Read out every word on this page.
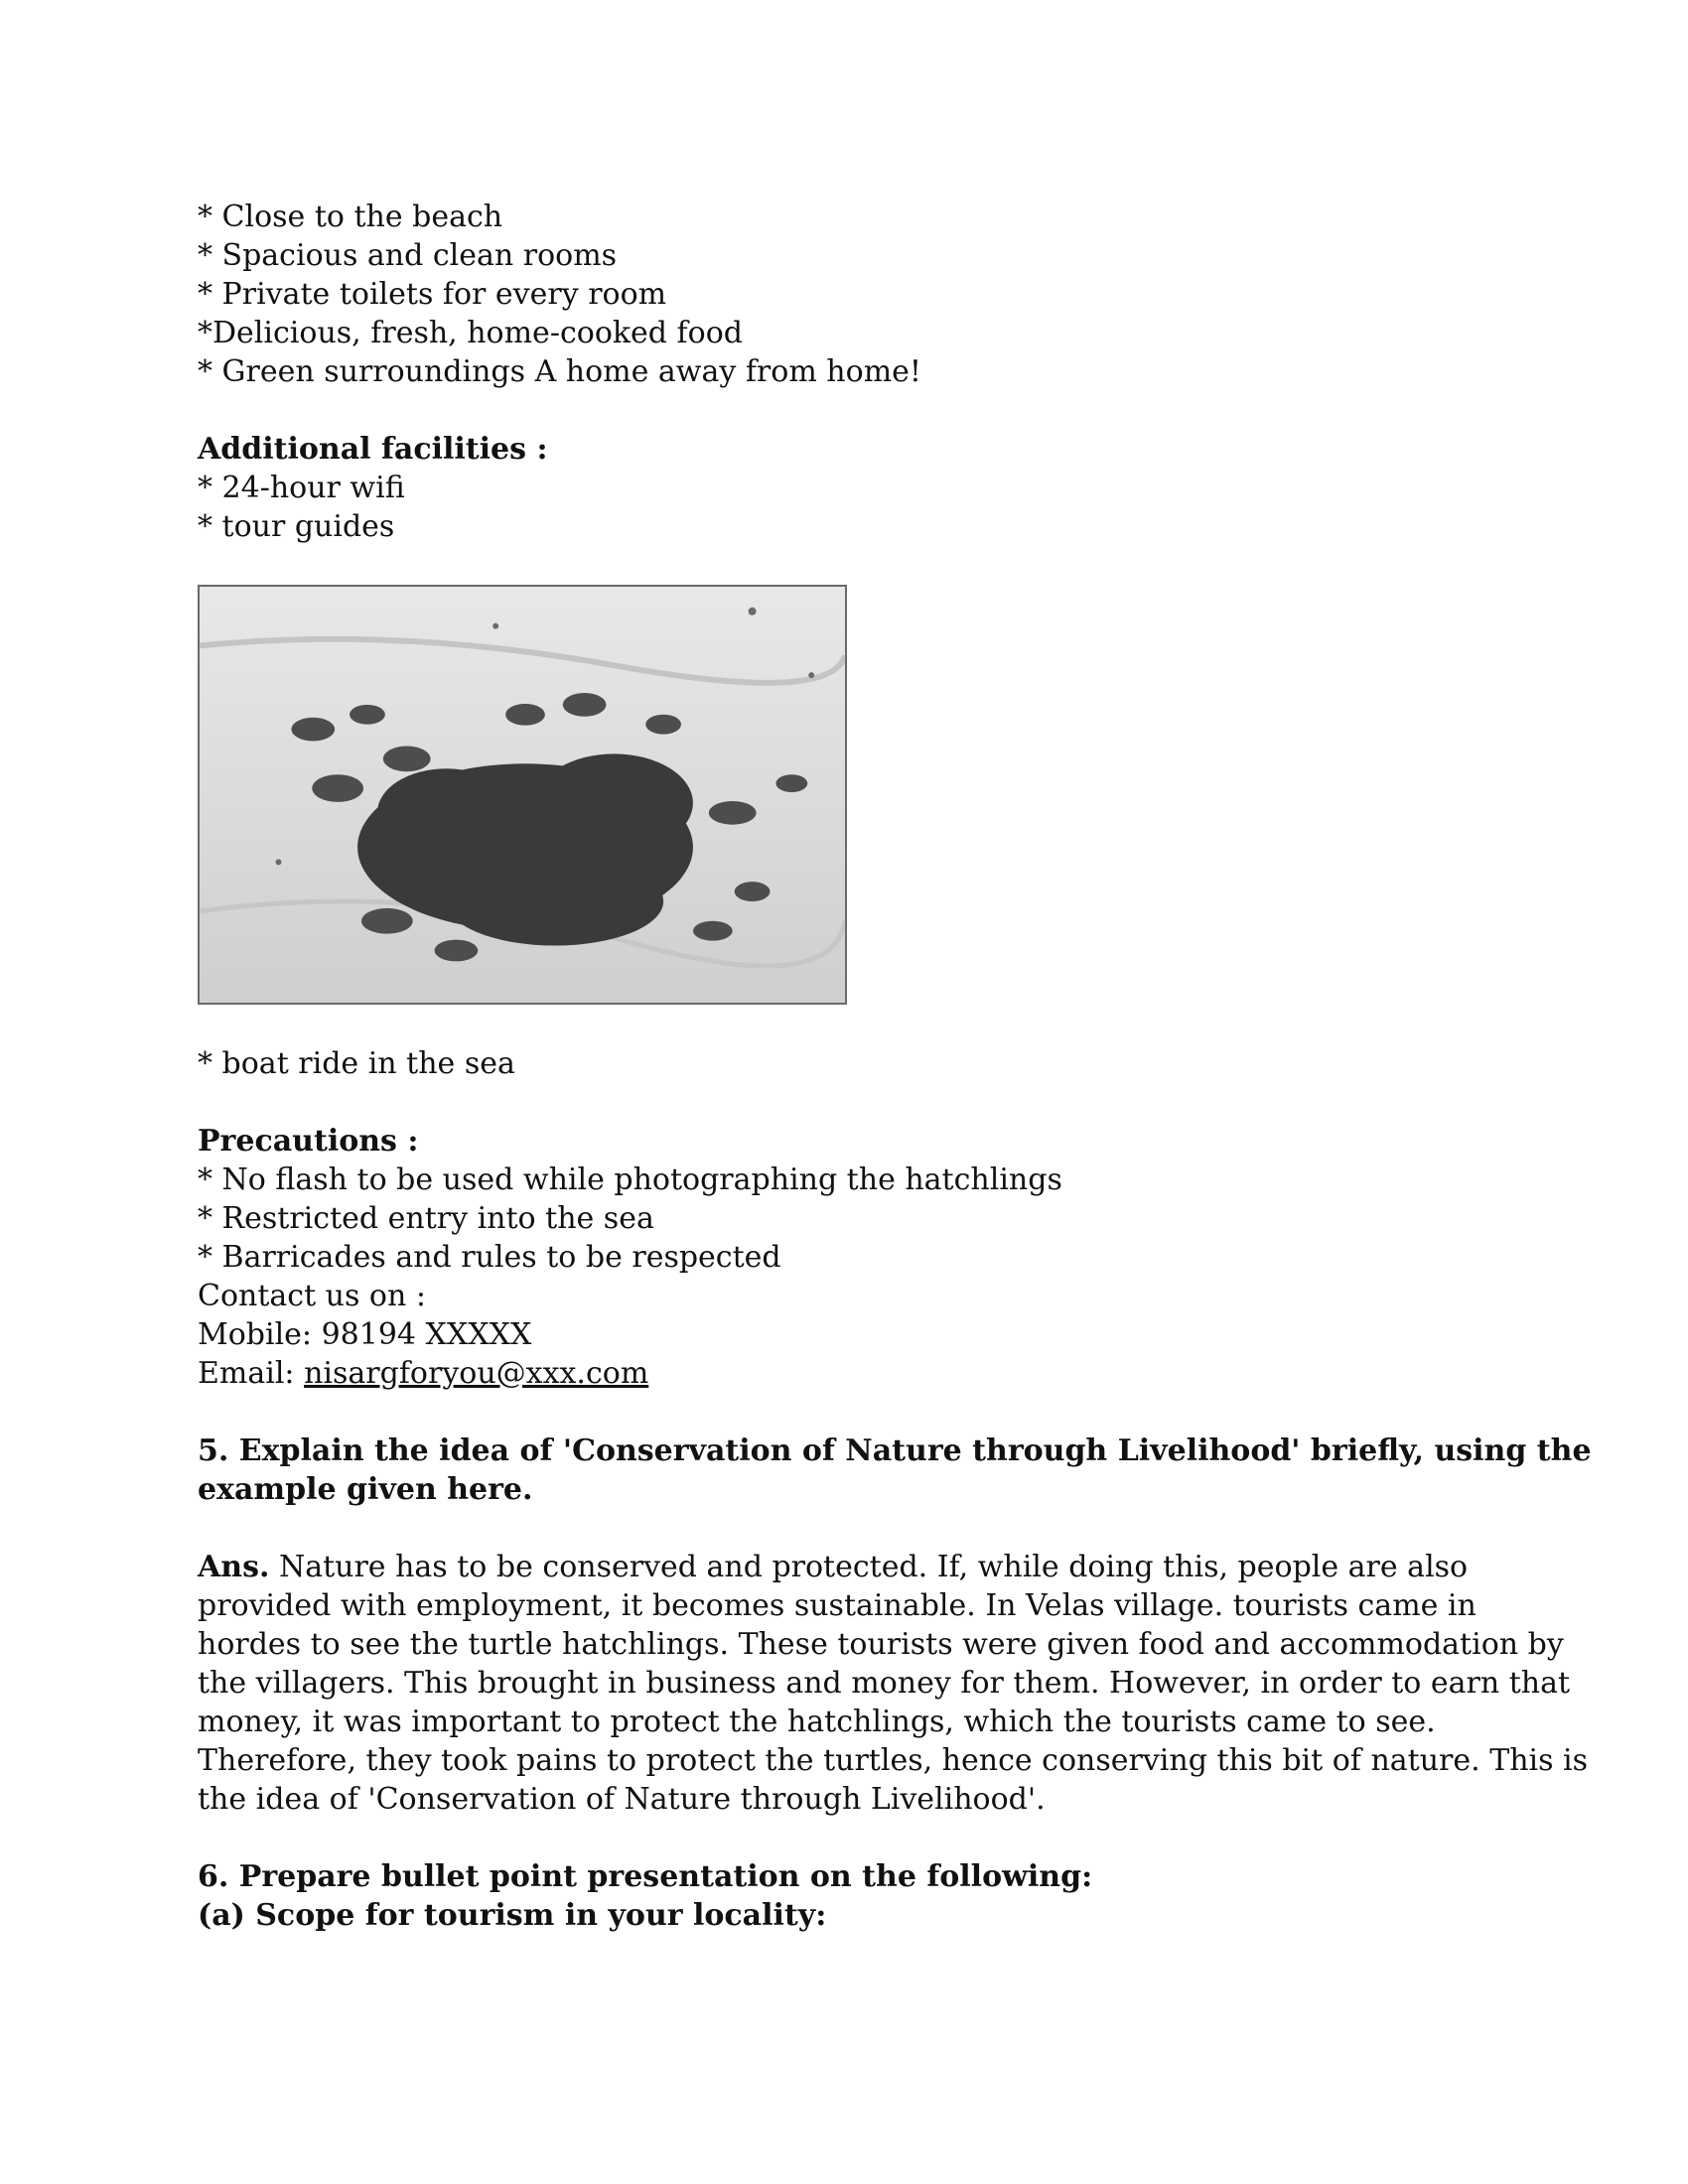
* Close to the beach
* Spacious and clean rooms
* Private toilets for every room
*Delicious, fresh, home-cooked food
* Green surroundings A home away from home!
Additional facilities :
* 24-hour wifi
* tour guides
* boat ride in the sea
Precautions :
* No flash to be used while photographing the hatchlings
* Restricted entry into the sea
* Barricades and rules to be respected
Contact us on :
Mobile: 98194 XXXXX
Email: nisargforyou@xxx.com
5. Explain the idea of 'Conservation of Nature through Livelihood' briefly, using the
example given here.
Ans. Nature has to be conserved and protected. If, while doing this, people are also
provided with employment, it becomes sustainable. In Velas village. tourists came in
hordes to see the turtle hatchlings. These tourists were given food and accommodation by
the villagers. This brought in business and money for them. However, in order to earn that
money, it was important to protect the hatchlings, which the tourists came to see.
Therefore, they took pains to protect the turtles, hence conserving this bit of nature. This is
the idea of 'Conservation of Nature through Livelihood'.
6. Prepare bullet point presentation on the following:
(a) Scope for tourism in your locality:
